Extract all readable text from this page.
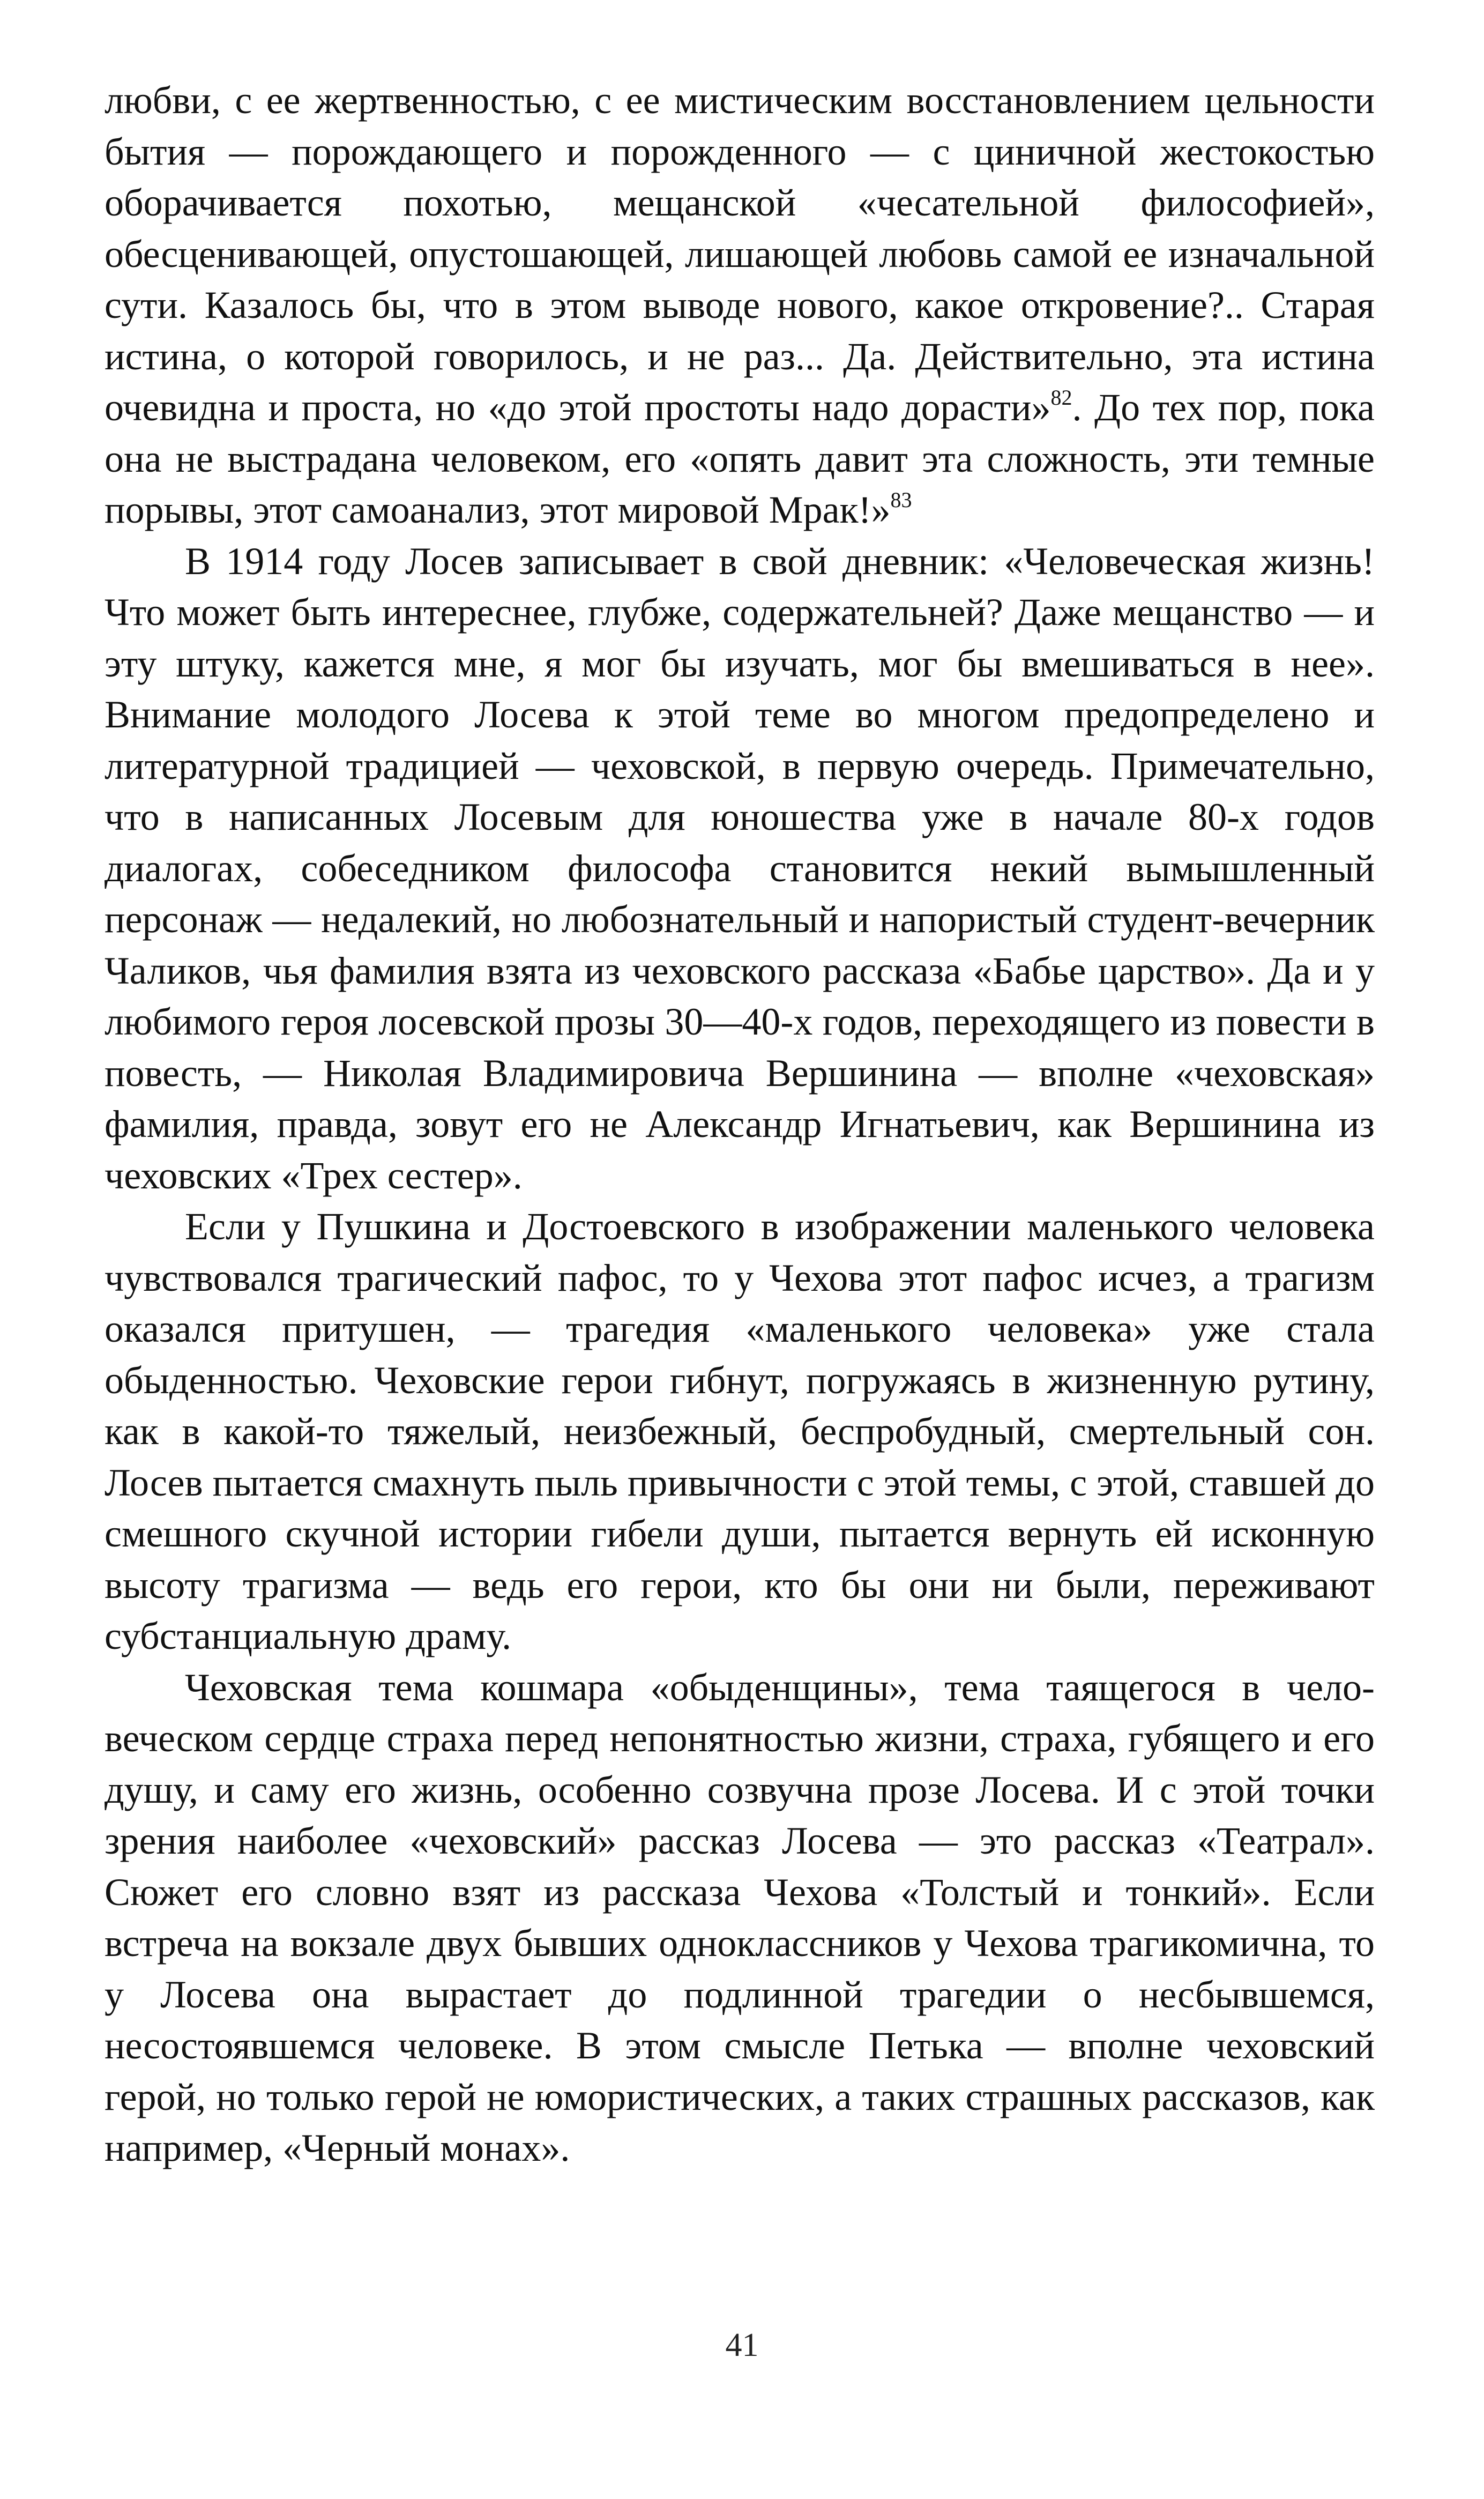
любви, с ее жертвенностью, с ее мистическим восстановлением цельности бытия — порождающего и порожденного — с циничной жестокостью оборачивается похотью, мещанской «чесательной философией», обесценивающей, опустошающей, лишающей любовь самой ее изначальной сути. Казалось бы, что в этом выводе нового, какое откровение?.. Старая истина, о которой говорилось, и не раз... Да. Действительно, эта истина очевидна и проста, но «до этой простоты надо дорасти»$^{82}$. До тех пор, пока она не выстрадана человеком, его «опять давит эта сложность, эти темные порывы, этот самоанализ, этот мировой Мрак!»$^{83}$

В 1914 году Лосев записывает в свой дневник: «Человеческая жизнь! Что может быть интереснее, глубже, содержательней? Даже мещанство — и эту штуку, кажется мне, я мог бы изучать, мог бы вмешиваться в нее». Внимание молодого Лосева к этой теме во многом предопределено и литературной традицией — чеховской, в первую очередь. Примечательно, что в написанных Лосевым для юношества уже в начале 80-х годов диалогах, собеседником философа становится некий вымышленный персонаж — недалекий, но любознательный и напористый студент-вечерник Чаликов, чья фамилия взята из чеховского рассказа «Бабье царство». Да и у любимого героя лосевской прозы 30—40-х годов, переходящего из повести в повесть, — Николая Владимировича Вершинина — вполне «чеховская» фамилия, правда, зовут его не Александр Игнатьевич, как Вершинина из чеховских «Трех сестер».

Если у Пушкина и Достоевского в изображении маленького человека чувствовался трагический пафос, то у Чехова этот пафос исчез, а трагизм оказался притушен, — трагедия «маленького человека» уже стала обыденностью. Чеховские герои гибнут, погружаясь в жизненную рутину, как в какой-то тяжелый, неизбежный, беспробудный, смертельный сон. Лосев пытается смахнуть пыль привычности с этой темы, с этой, ставшей до смешного скучной истории гибели души, пытается вернуть ей исконную высоту трагизма — ведь его герои, кто бы они ни были, переживают субстанциальную драму.

Чеховская тема кошмара «обыденщины», тема таящегося в человеческом сердце страха перед непонятностью жизни, страха, губящего и его душу, и саму его жизнь, особенно созвучна прозе Лосева. И с этой точки зрения наиболее «чеховский» рассказ Лосева — это рассказ «Театрал». Сюжет его словно взят из рассказа Чехова «Толстый и тонкий». Если встреча на вокзале двух бывших одноклассников у Чехова трагикомична, то у Лосева она вырастает до подлинной трагедии о несбывшемся, несостоявшемся человеке. В этом смысле Петька — вполне чеховский герой, но только герой не юмористических, а таких страшных рассказов, как например, «Черный монах».

41
